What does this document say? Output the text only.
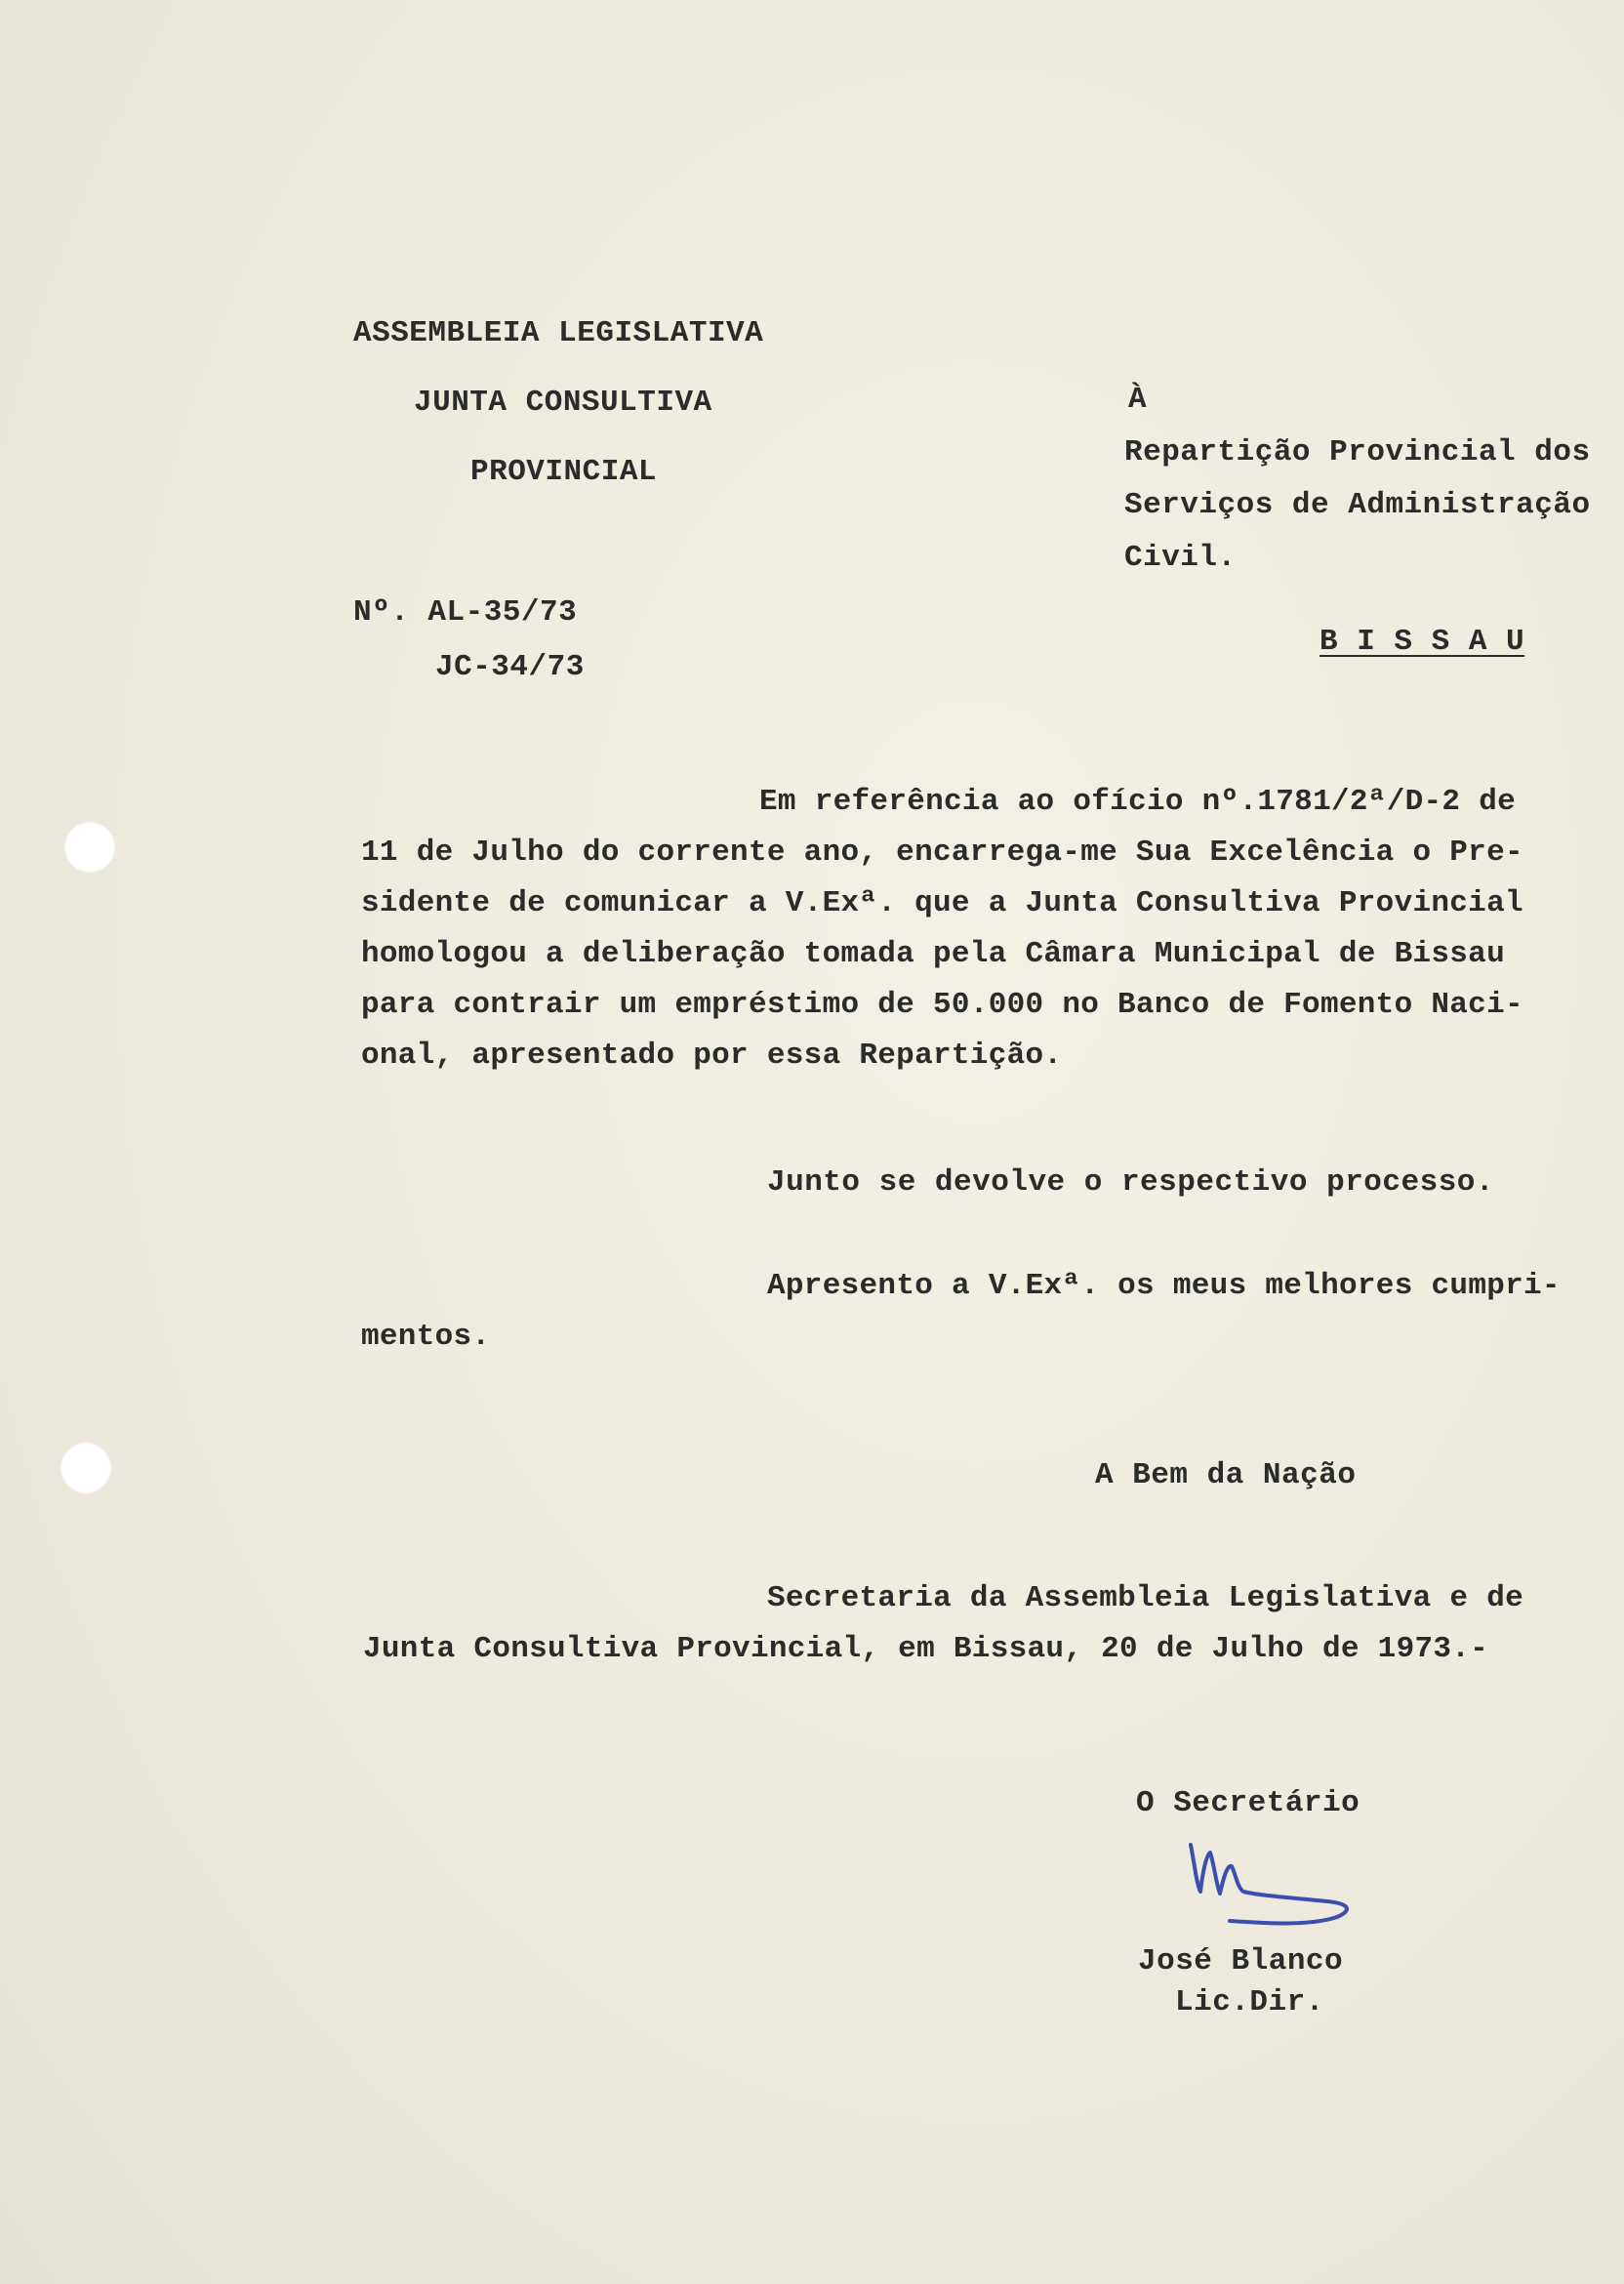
ASSEMBLEIA LEGISLATIVA
JUNTA CONSULTIVA
PROVINCIAL
Nº. AL-35/73
JC-34/73
À
Repartição Provincial dos
Serviços de Administração
Civil.
B I S S A U
Em referência ao ofício nº.1781/2ª/D-2 de
11 de Julho do corrente ano, encarrega-me Sua Excelência o Pre-
sidente de comunicar a V.Exª. que a Junta Consultiva Provincial
homologou a deliberação tomada pela Câmara Municipal de Bissau
para contrair um empréstimo de 50.000 no Banco de Fomento Naci-
onal, apresentado por essa Repartição.
Junto se devolve o respectivo processo.
Apresento a V.Exª. os meus melhores cumpri-
mentos.
A Bem da Nação
Secretaria da Assembleia Legislativa e de
Junta Consultiva Provincial, em Bissau, 20 de Julho de 1973.-
O Secretário
José Blanco
Lic.Dir.
